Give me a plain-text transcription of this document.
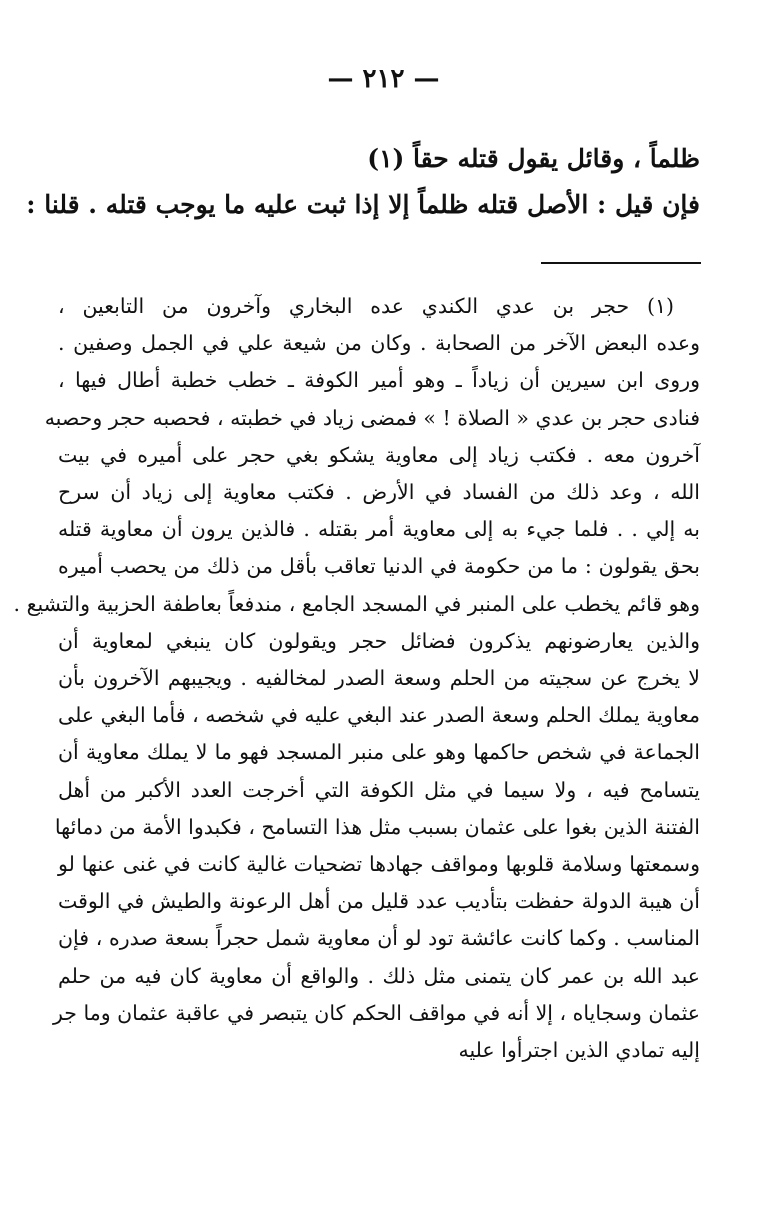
— ٢١٢ —
ظلماً ، وقائل يقول قتله حقاً (١)
فإن قيل : الأصل قتله ظلماً إلا إذا ثبت عليه ما يوجب قتله . قلنا :
(١) حجر بن عدي الكندي عده البخاري وآخرون من التابعين ،
وعده البعض الآخر من الصحابة . وكان من شيعة علي في الجمل وصفين .
وروى ابن سيرين أن زياداً ـ وهو أمير الكوفة ـ خطب خطبة أطال فيها ،
فنادى حجر بن عدي « الصلاة ! » فمضى زياد في خطبته ، فحصبه حجر وحصبه
آخرون معه . فكتب زياد إلى معاوية يشكو بغي حجر على أميره في بيت
الله ، وعد ذلك من الفساد في الأرض . فكتب معاوية إلى زياد أن سرح
به إلي . . فلما جيء به إلى معاوية أمر بقتله . فالذين يرون أن معاوية قتله
بحق يقولون : ما من حكومة في الدنيا تعاقب بأقل من ذلك من يحصب أميره
وهو قائم يخطب على المنبر في المسجد الجامع ، مندفعاً بعاطفة الحزبية والتشيع .
والذين يعارضونهم يذكرون فضائل حجر ويقولون كان ينبغي لمعاوية أن
لا يخرج عن سجيته من الحلم وسعة الصدر لمخالفيه . ويجيبهم الآخرون بأن
معاوية يملك الحلم وسعة الصدر عند البغي عليه في شخصه ، فأما البغي على
الجماعة في شخص حاكمها وهو على منبر المسجد فهو ما لا يملك معاوية أن
يتسامح فيه ، ولا سيما في مثل الكوفة التي أخرجت العدد الأكبر من أهل
الفتنة الذين بغوا على عثمان بسبب مثل هذا التسامح ، فكبدوا الأمة من دمائها
وسمعتها وسلامة قلوبها ومواقف جهادها تضحيات غالية كانت في غنى عنها لو
أن هيبة الدولة حفظت بتأديب عدد قليل من أهل الرعونة والطيش في الوقت
المناسب . وكما كانت عائشة تود لو أن معاوية شمل حجراً بسعة صدره ، فإن
عبد الله بن عمر كان يتمنى مثل ذلك . والواقع أن معاوية كان فيه من حلم
عثمان وسجاياه ، إلا أنه في مواقف الحكم كان يتبصر في عاقبة عثمان وما جر
إليه تمادي الذين اجترأوا عليه
